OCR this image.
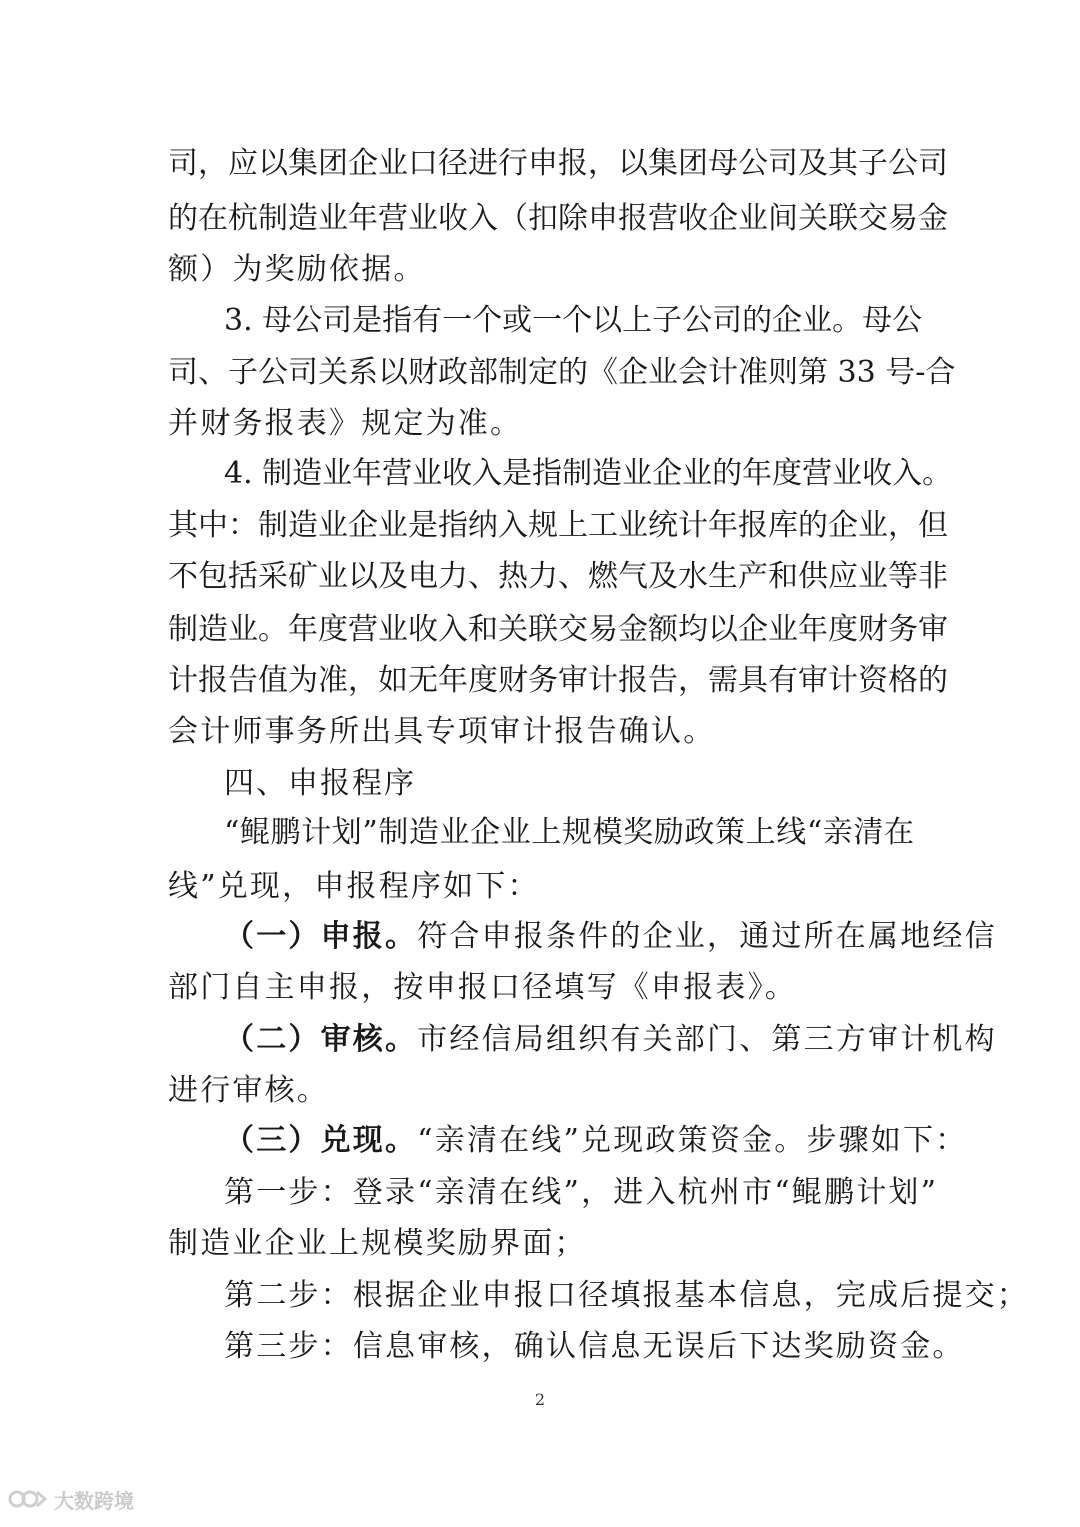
司，应以集团企业口径进行申报，以集团母公司及其子公司
的在杭制造业年营业收入（扣除申报营收企业间关联交易金
额）为奖励依据。
3. 母公司是指有一个或一个以上子公司的企业。母公
司、子公司关系以财政部制定的《企业会计准则第 33 号-合
并财务报表》规定为准。
4. 制造业年营业收入是指制造业企业的年度营业收入。
其中：制造业企业是指纳入规上工业统计年报库的企业，但
不包括采矿业以及电力、热力、燃气及水生产和供应业等非
制造业。年度营业收入和关联交易金额均以企业年度财务审
计报告值为准，如无年度财务审计报告，需具有审计资格的
会计师事务所出具专项审计报告确认。
四、申报程序
“鲲鹏计划”制造业企业上规模奖励政策上线“亲清在
线”兑现，申报程序如下：
（一）申报。符合申报条件的企业，通过所在属地经信
部门自主申报，按申报口径填写《申报表》。
（二）审核。市经信局组织有关部门、第三方审计机构
进行审核。
（三）兑现。“亲清在线”兑现政策资金。步骤如下：
第一步：登录“亲清在线”，进入杭州市“鲲鹏计划”
制造业企业上规模奖励界面；
第二步：根据企业申报口径填报基本信息，完成后提交；
第三步：信息审核，确认信息无误后下达奖励资金。
2
大数跨境
